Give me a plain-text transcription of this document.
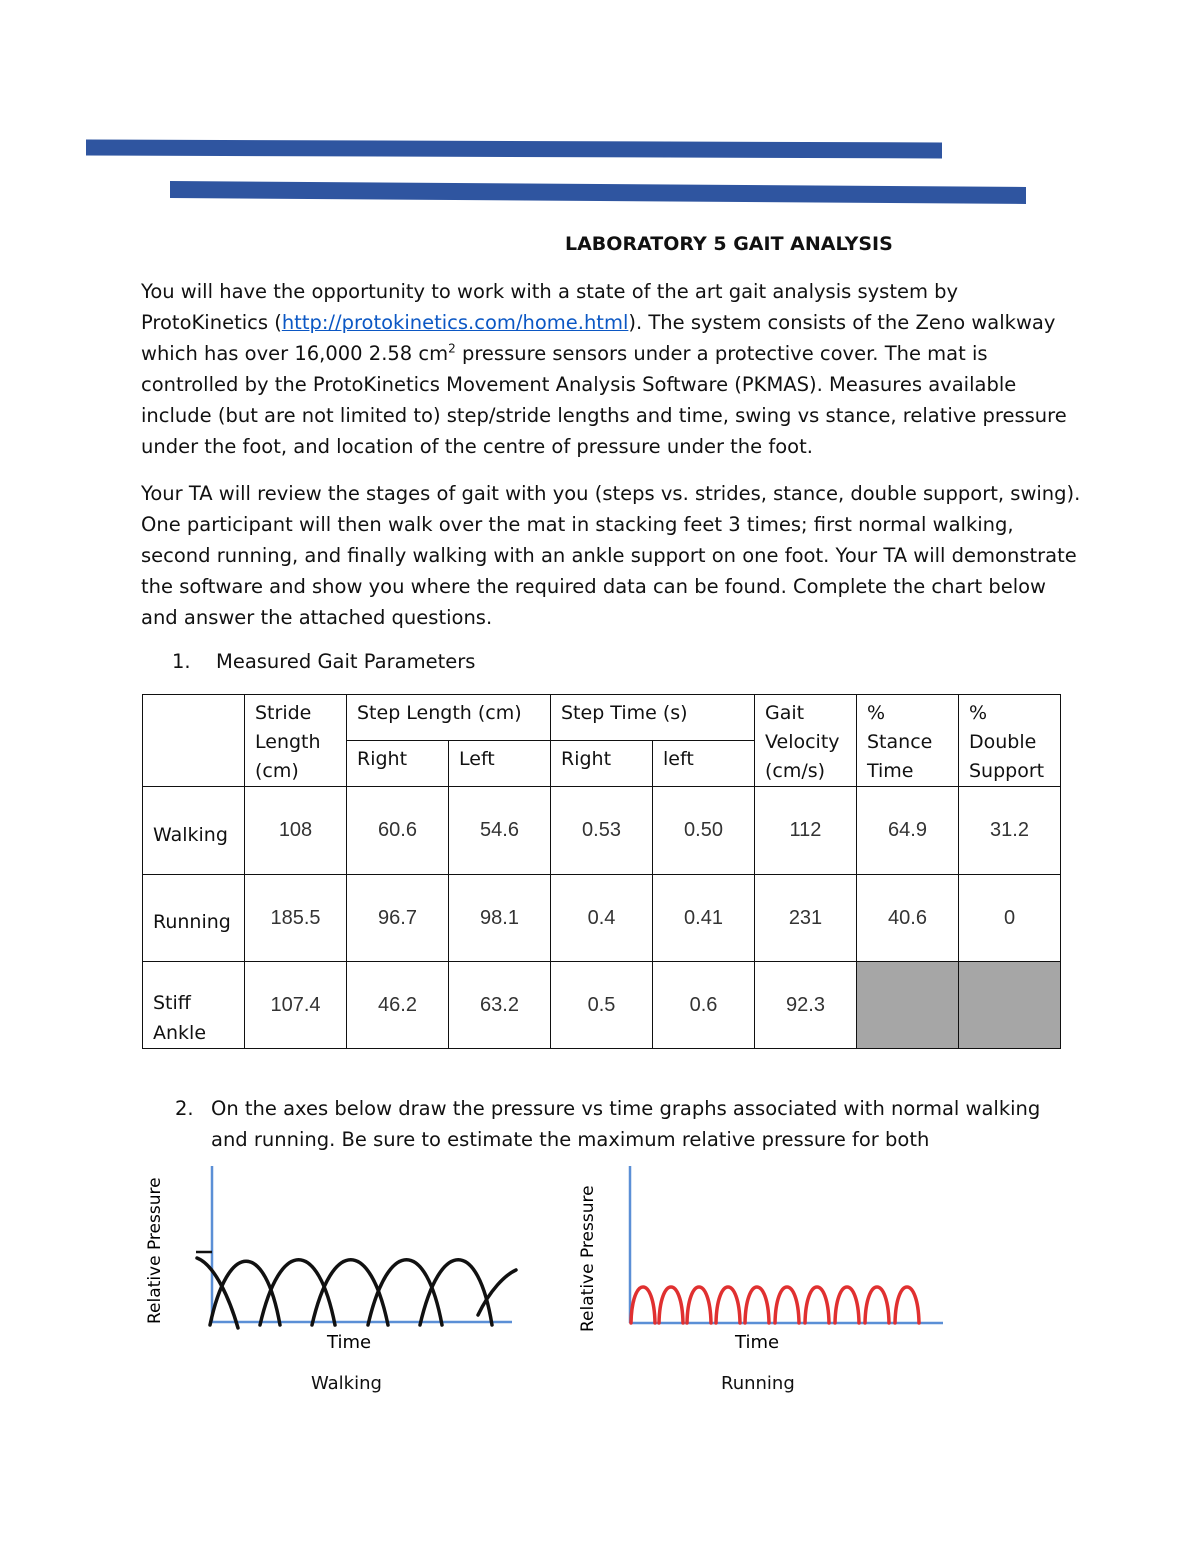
LABORATORY 5 GAIT ANALYSIS

You will have the opportunity to work with a state of the art gait analysis system by ProtoKinetics (http://protokinetics.com/home.html). The system consists of the Zeno walkway which has over 16,000 2.58 $cm^2$ pressure sensors under a protective cover. The mat is controlled by the ProtoKinetics Movement Analysis Software (PKMAS). Measures available include (but are not limited to) step/stride lengths and time, swing vs stance, relative pressure under the foot, and location of the centre of pressure under the foot.

Your TA will review the stages of gait with you (steps vs. strides, stance, double support, swing). One participant will then walk over the mat in stacking feet 3 times; first normal walking, second running, and finally walking with an ankle support on one foot. Your TA will demonstrate the software and show you where the required data can be found. Complete the chart below and answer the attached questions.

1. Measured Gait Parameters
	Stride Length (cm)	Step Length (cm)		Step Time (s)		Gait Velocity (cm/s)	% Stance Time	% Double Support
		Right	Left	Right	left			
Walking	108	60.6	54.6	0.53	0.50	112	64.9	31.2
Running	185.5	96.7	98.1	0.4	0.41	231	40.6	0
Stiff Ankle	107.4	46.2	63.2	0.5	0.6	92.3		
2. On the axes below draw the pressure vs time graphs associated with normal walking and running. Be sure to estimate the maximum relative pressure for both
Relative Pressure
Time
Walking
Relative Pressure
Time
Running
